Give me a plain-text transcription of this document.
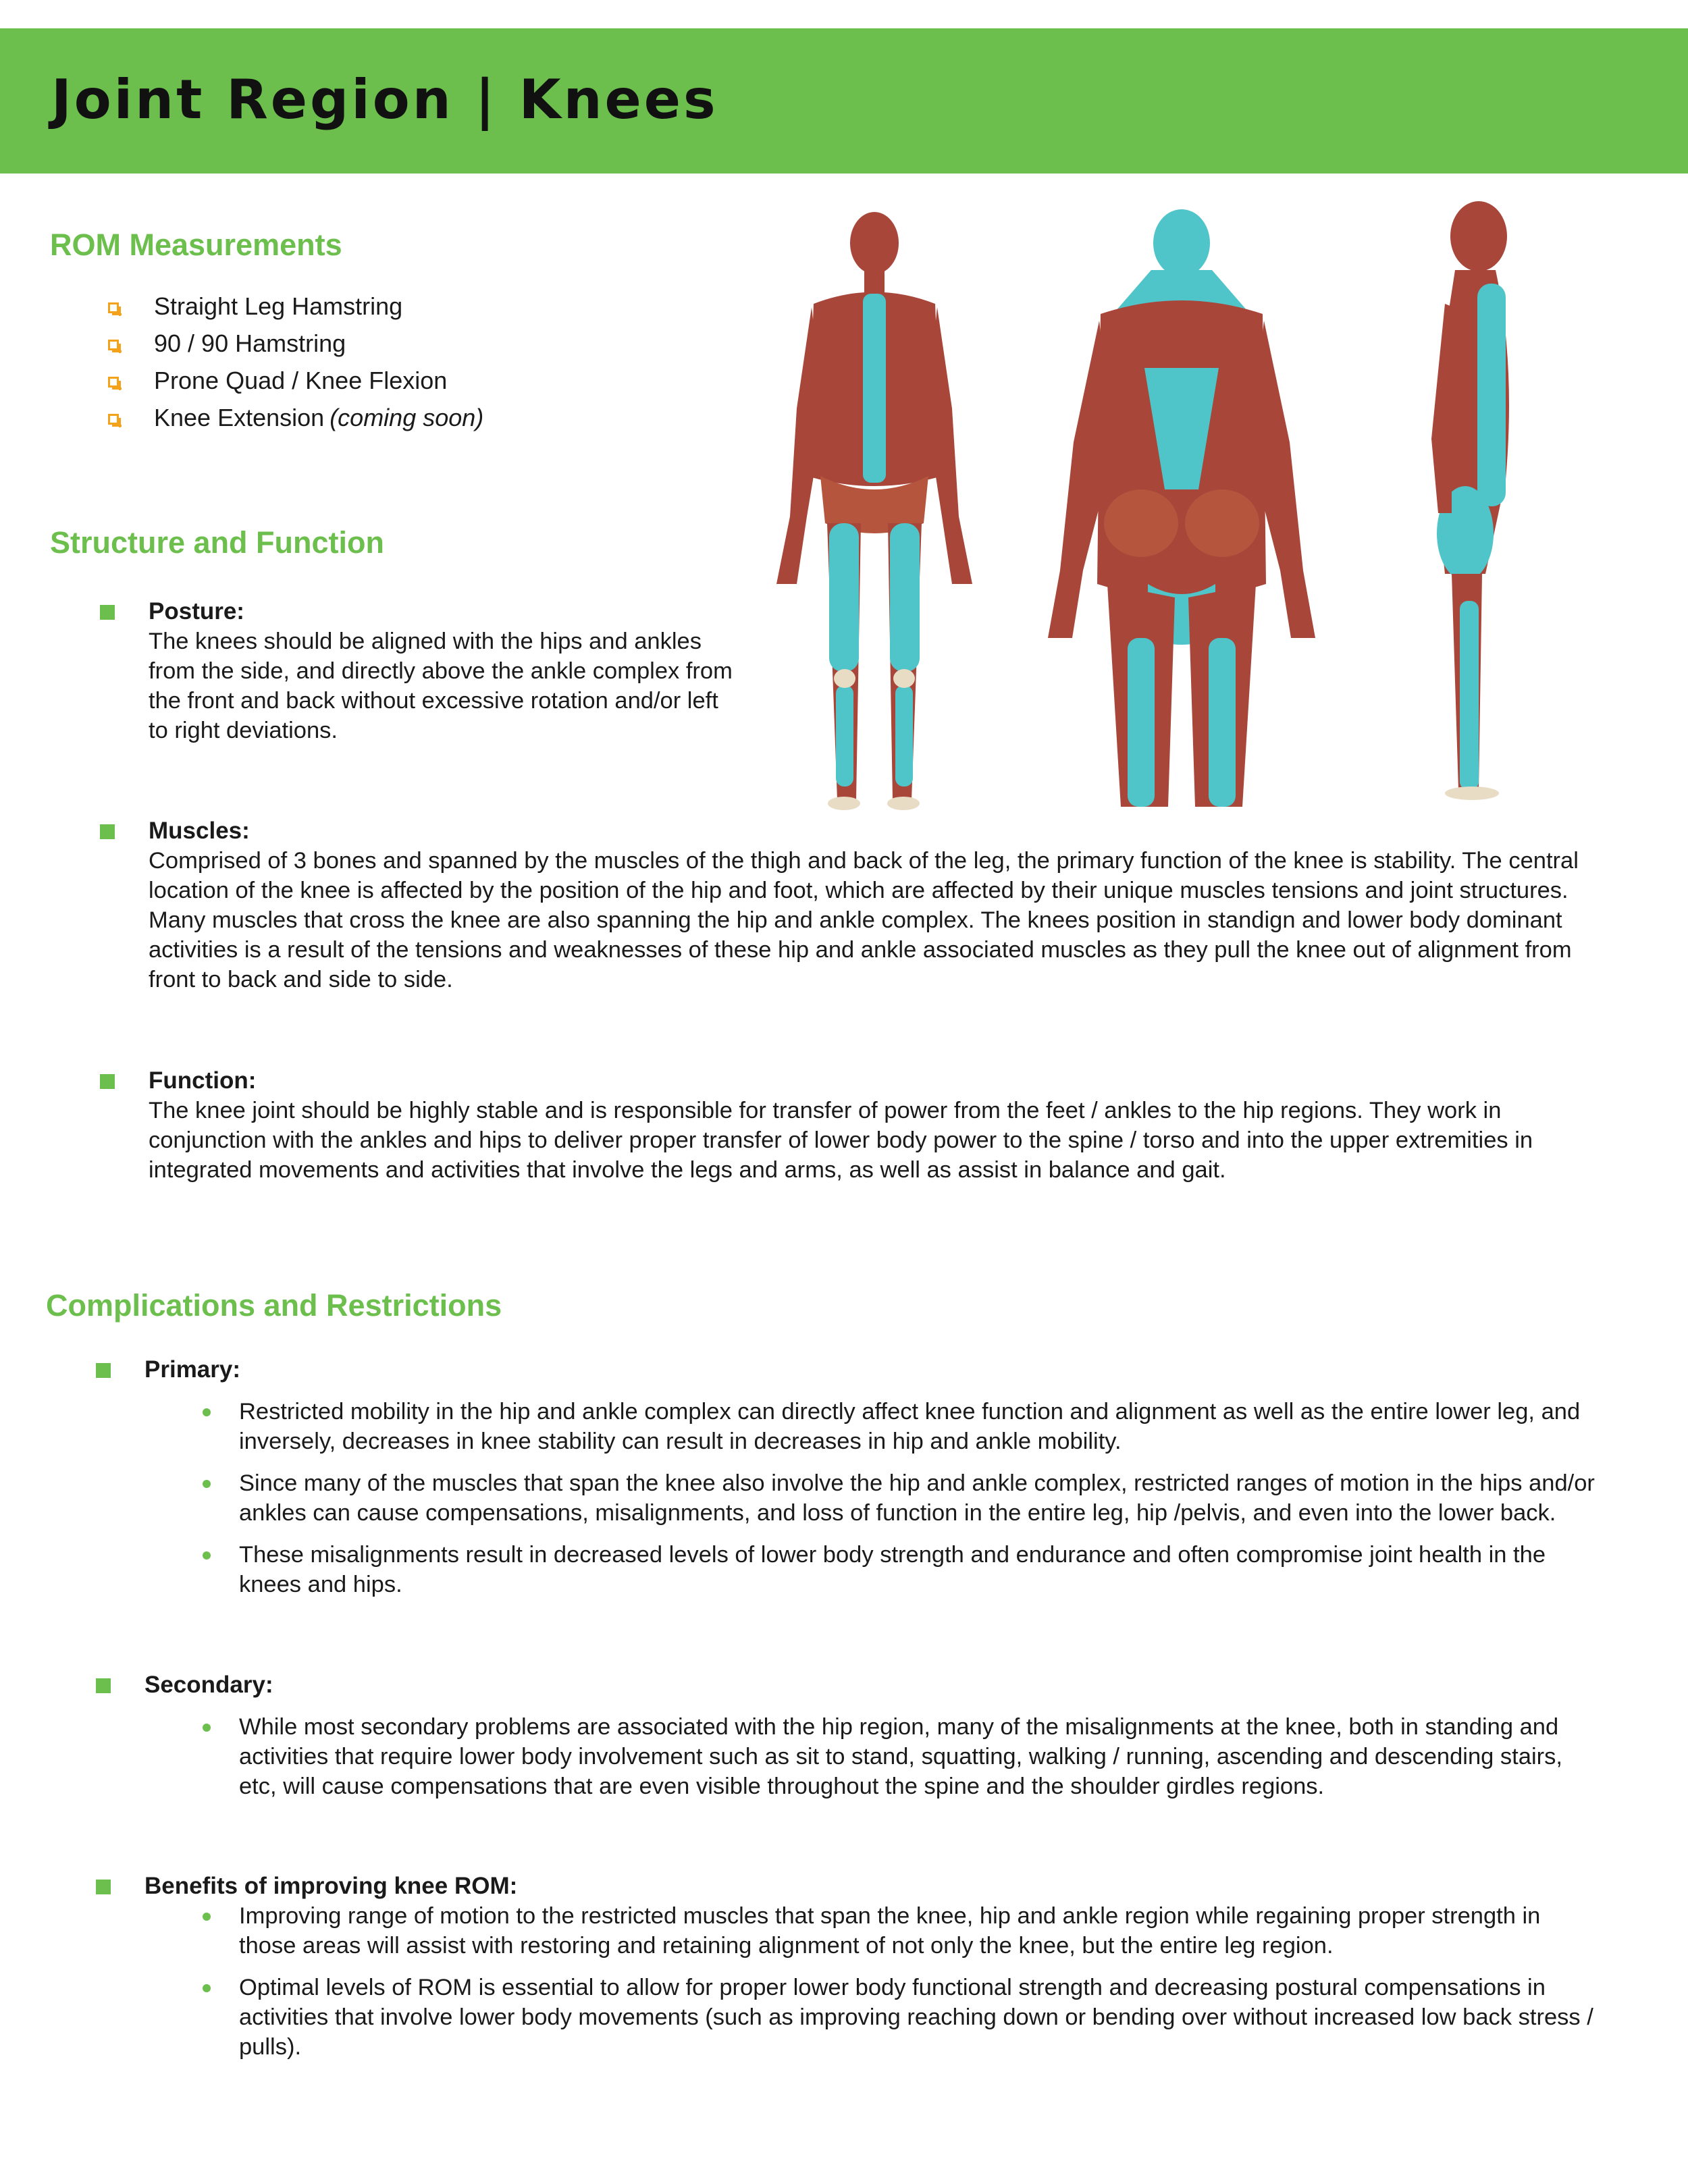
Joint Region | Knees
ROM Measurements
Straight Leg Hamstring
90 / 90 Hamstring
Prone Quad / Knee Flexion
Knee Extension (coming soon)
Structure and Function
Posture:

The knees should be aligned with the hips and ankles from the side, and directly above the ankle complex from the front and back without excessive rotation and/or left to right deviations.

Muscles:

Comprised of 3 bones and spanned by the muscles of the thigh and back of the leg, the primary function of the knee is stability. The central location of the knee is affected by the position of the hip and foot, which are affected by their unique muscles tensions and joint structures. Many muscles that cross the knee are also spanning the hip and ankle complex. The knees position in standign and lower body dominant activities is a result of the tensions and weaknesses of these hip and ankle associated muscles as they pull the knee out of alignment from front to back and side to side.

Function:

The knee joint should be highly stable and is responsible for transfer of power from the feet / ankles to the hip regions. They work in conjunction with the ankles and hips to deliver proper transfer of lower body power to the spine / torso and into the upper extremities in integrated movements and activities that involve the legs and arms, as well as assist in balance and gait.

Complications and Restrictions
Primary:
Restricted mobility in the hip and ankle complex can directly affect knee function and alignment as well as the entire lower leg, and inversely, decreases in knee stability can result in decreases in hip and ankle mobility.
Since many of the muscles that span the knee also involve the hip and ankle complex, restricted ranges of motion in the hips and/or ankles can cause compensations, misalignments, and loss of function in the entire leg, hip /pelvis, and even into the lower back.
These misalignments result in decreased levels of lower body strength and endurance and often compromise joint health in the knees and hips.
Secondary:
While most secondary problems are associated with the hip region, many of the misalignments at the knee, both in standing and activities that require lower body involvement such as sit to stand, squatting, walking / running, ascending and descending stairs, etc, will cause compensations that are even visible throughout the spine and the shoulder girdles regions.
Benefits of improving knee ROM:
Improving range of motion to the restricted muscles that span the knee, hip and ankle region while regaining proper strength in those areas will assist with restoring and retaining alignment of not only the knee, but the entire leg region.
Optimal levels of ROM is essential to allow for proper lower body functional strength and decreasing postural compensations in activities that involve lower body movements (such as improving reaching down or bending over without increased low back stress / pulls).
